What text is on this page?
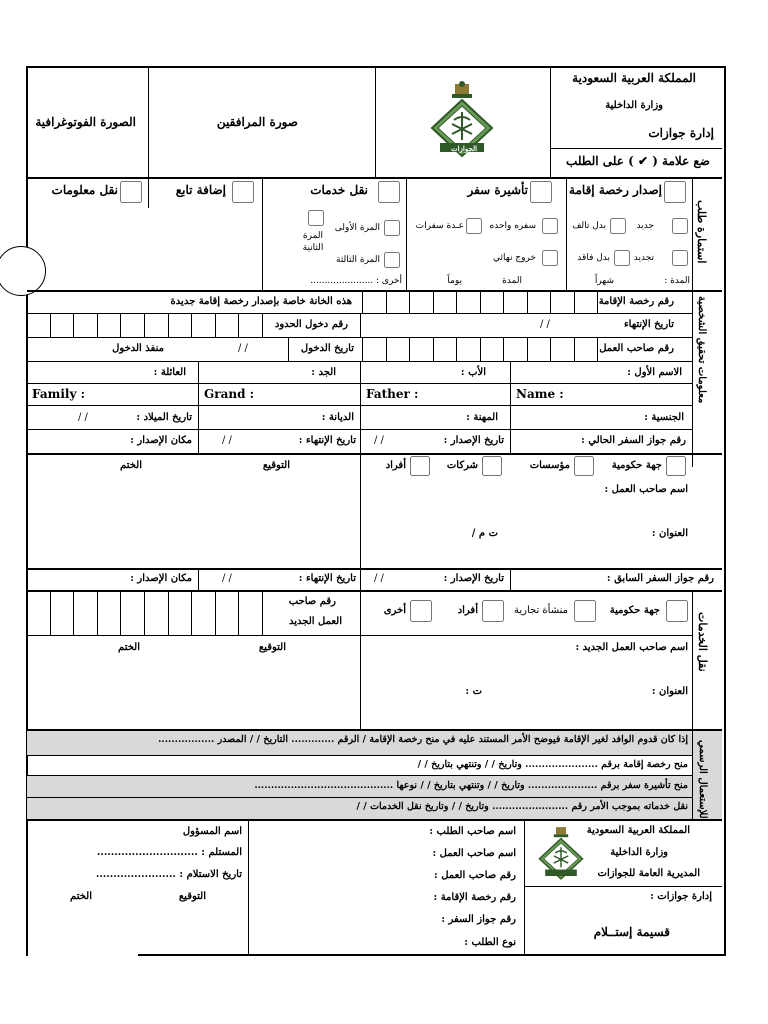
المملكة العربية السعودية
وزارة الداخلية
إدارة جوازات
ضع علامة ( ✔ ) على الطلب
الجوازات
صورة المرافقين
الصورة الفوتوغرافية
استمارة طلب
إصدار رخصة إقامة
تأشيرة سفر
نقل خدمات
إضافة تابع
نقل معلومات
جديد
بدل تالف
تجديد
بدل فاقد
سفره واحده
عـدة سفرات
خروج نهائي
المرة الأولى
المرة الثانية
المرة الثالثة
أخرى : ......................	المدة
يوماً	المدة :
شهراً
معلومات تحقيق الشخصية
رقم رخصة الإقامة
هذه الخانة خاصة بإصدار رخصة إقامة جديدة
تاريخ الإنتهاء
/ /
رقم دخول الحدود
رقم صاحب العمل
تاريخ الدخول
/ /
منفذ الدخول
الاسم الأول :
الأب :
الجد :
العائلة :
Name :
Father :
Grand :
Family :
الجنسية :
المهنة :
الديانة :
تاريخ الميلاد :
/ /
رقم جواز السفر الحالي :
تاريخ الإصدار :
/ /
تاريخ الإنتهاء :
/ /
مكان الإصدار :
جهة حكومية
مؤسسات
شركات
أفراد
التوقيع
الختم
اسم صاحب العمل :
العنوان :
ت م /
رقم جواز السفر السابق :
تاريخ الإصدار :
/ /
تاريخ الإنتهاء :
/ /
مكان الإصدار :
نقل الخدمات
جهة حكومية
منشأة تجارية
أفراد
أخرى
رقم صاحب
العمل الجديد
اسم صاحب العمل الجديد :
التوقيع
الختم
العنوان :
ت :
للإستعمال الرسمي
إذا كان قدوم الوافد لغير الإقامة فيوضح الأمر المستند عليه في منح رخصة الإقامة / الرقم ............. التاريخ / / المصدر .................
منح رخصة إقامة برقم ...................... وتاريخ / / وتنتهي بتاريخ / /
منح تأشيرة سفر برقم ..................... وتاريخ / / وتنتهي بتاريخ / / نوعها ..........................................
نقل خدماته بموجب الأمر رقم ....................... وتاريخ / / وتاريخ نقل الخدمات / /
المملكة العربية السعودية
وزارة الداخلية
المديرية العامة للجوازات
إدارة جوازات :
قسيمة إستــلام
اسم صاحب الطلب :
اسم صاحب العمل :
رقم صاحب العمل :
رقم رخصة الإقامة :
رقم جواز السفر :
نوع الطلب :
اسم المسؤول
المستلم : .............................
تاريخ الاستلام : .......................
التوقيع
الختم
